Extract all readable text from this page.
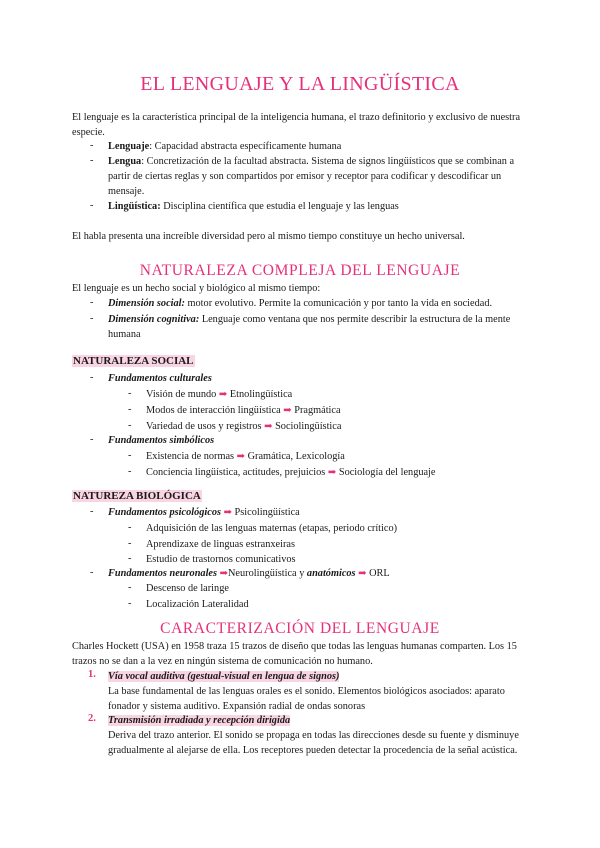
EL LENGUAJE Y LA LINGÜÍSTICA
El lenguaje es la característica principal de la inteligencia humana, el trazo definitorio y exclusivo de nuestra especie.
- Lenguaje: Capacidad abstracta específicamente humana
- Lengua: Concretización de la facultad abstracta. Sistema de signos lingüísticos que se combinan a partir de ciertas reglas y son compartidos por emisor y receptor para codificar y descodificar un mensaje.
- Lingüística: Disciplina científica que estudia el lenguaje y las lenguas
El habla presenta una increíble diversidad pero al mismo tiempo constituye un hecho universal.
NATURALEZA COMPLEJA DEL LENGUAJE
El lenguaje es un hecho social y biológico al mismo tiempo:
- Dimensión social: motor evolutivo. Permite la comunicación y por tanto la vida en sociedad.
- Dimensión cognitiva: Lenguaje como ventana que nos permite describir la estructura de la mente humana
NATURALEZA SOCIAL
- Fundamentos culturales
- Visión de mundo ➡ Etnolingüística
- Modos de interacción lingüística ➡ Pragmática
- Variedad de usos y registros ➡ Sociolingüística
- Fundamentos simbólicos
- Existencia de normas ➡ Gramática, Lexicología
- Conciencia lingüística, actitudes, prejuicios ➡ Sociología del lenguaje
NATUREZA BIOLÓGICA
- Fundamentos psicológicos ➡ Psicolingüística
- Adquisición de las lenguas maternas (etapas, periodo crítico)
- Aprendizaxe de linguas estranxeiras
- Estudio de trastornos comunicativos
- Fundamentos neuronales ➡Neurolingüística y anatómicos ➡ ORL
- Descenso de laringe
- Localización Lateralidad
CARACTERIZACIÓN DEL LENGUAJE
Charles Hockett (USA) en 1958 traza 15 trazos de diseño que todas las lenguas humanas comparten. Los 15 trazos no se dan a la vez en ningún sistema de comunicación no humano.
1. Vía vocal auditiva (gestual-visual en lengua de signos)
La base fundamental de las lenguas orales es el sonido. Elementos biológicos asociados: aparato fonador y sistema auditivo. Expansión radial de ondas sonoras
2. Transmisión irradiada y recepción dirigida
Deriva del trazo anterior. El sonido se propaga en todas las direcciones desde su fuente y disminuye gradualmente al alejarse de ella. Los receptores pueden detectar la procedencia de la señal acústica.
